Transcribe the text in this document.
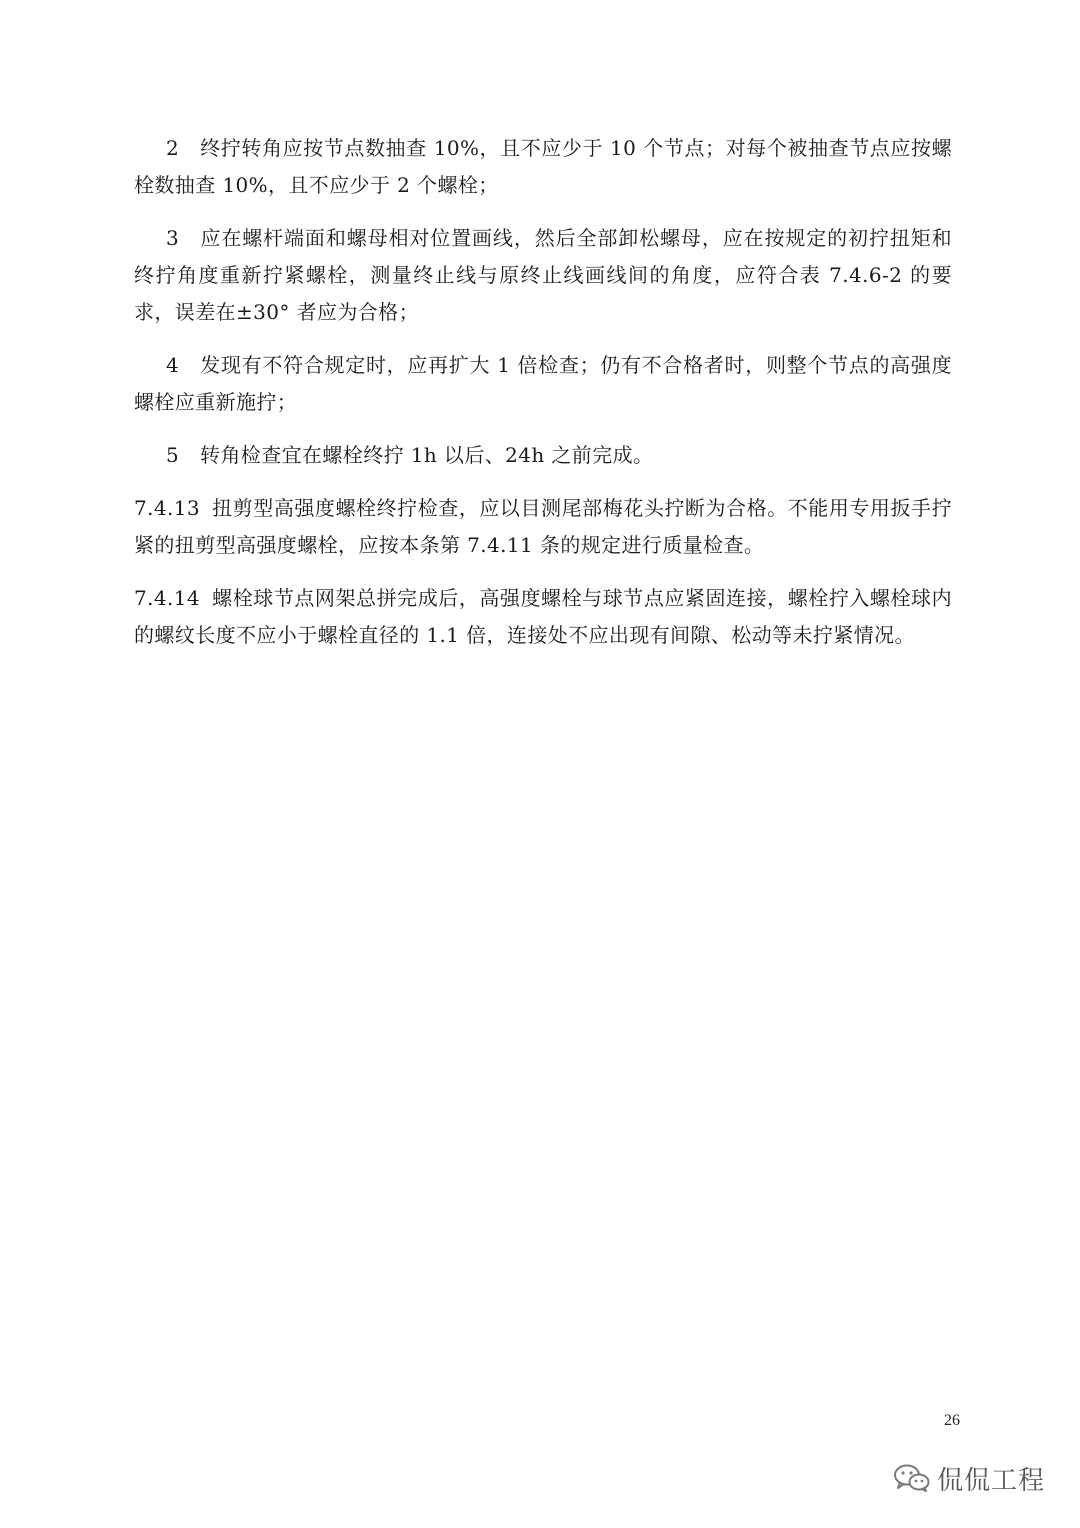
2 终拧转角应按节点数抽查 10%，且不应少于 10 个节点；对每个被抽查节点应按螺栓数抽查 10%，且不应少于 2 个螺栓；

3 应在螺杆端面和螺母相对位置画线，然后全部卸松螺母，应在按规定的初拧扭矩和终拧角度重新拧紧螺栓，测量终止线与原终止线画线间的角度，应符合表 7.4.6-2 的要求，误差在±30° 者应为合格；

4 发现有不符合规定时，应再扩大 1 倍检查；仍有不合格者时，则整个节点的高强度螺栓应重新施拧；

5 转角检查宜在螺栓终拧 1h 以后、24h 之前完成。

7.4.13 扭剪型高强度螺栓终拧检查，应以目测尾部梅花头拧断为合格。不能用专用扳手拧紧的扭剪型高强度螺栓，应按本条第 7.4.11 条的规定进行质量检查。

7.4.14 螺栓球节点网架总拼完成后，高强度螺栓与球节点应紧固连接，螺栓拧入螺栓球内的螺纹长度不应小于螺栓直径的 1.1 倍，连接处不应出现有间隙、松动等未拧紧情况。

26
侃侃工程
